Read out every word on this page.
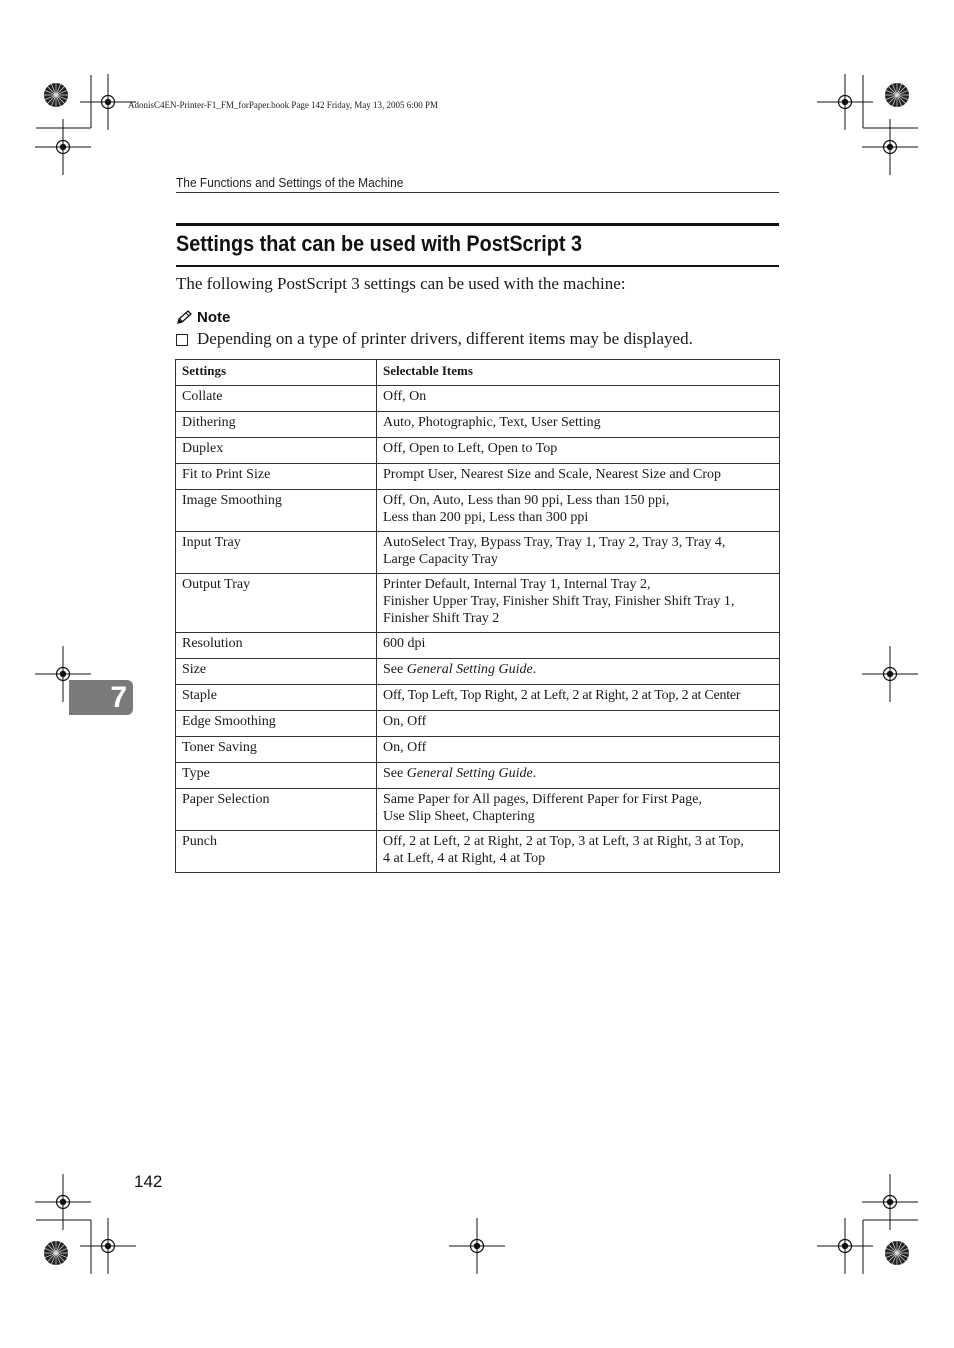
AdonisC4EN-Printer-F1_FM_forPaper.book Page 142 Friday, May 13, 2005 6:00 PM
The Functions and Settings of the Machine
Settings that can be used with PostScript 3
The following PostScript 3 settings can be used with the machine:
Note
Depending on a type of printer drivers, different items may be displayed.
Settings	Selectable Items
Collate	Off, On
Dithering	Auto, Photographic, Text, User Setting
Duplex	Off, Open to Left, Open to Top
Fit to Print Size	Prompt User, Nearest Size and Scale, Nearest Size and Crop
Image Smoothing	Off, On, Auto, Less than 90 ppi, Less than 150 ppi,
Less than 200 ppi, Less than 300 ppi
Input Tray	AutoSelect Tray, Bypass Tray, Tray 1, Tray 2, Tray 3, Tray 4,
Large Capacity Tray
Output Tray	Printer Default, Internal Tray 1, Internal Tray 2,
Finisher Upper Tray, Finisher Shift Tray, Finisher Shift Tray 1,
Finisher Shift Tray 2
Resolution	600 dpi
Size	See General Setting Guide.
Staple	Off, Top Left, Top Right, 2 at Left, 2 at Right, 2 at Top, 2 at Center
Edge Smoothing	On, Off
Toner Saving	On, Off
Type	See General Setting Guide.
Paper Selection	Same Paper for All pages, Different Paper for First Page,
Use Slip Sheet, Chaptering
Punch	Off, 2 at Left, 2 at Right, 2 at Top, 3 at Left, 3 at Right, 3 at Top,
4 at Left, 4 at Right, 4 at Top
7
142
